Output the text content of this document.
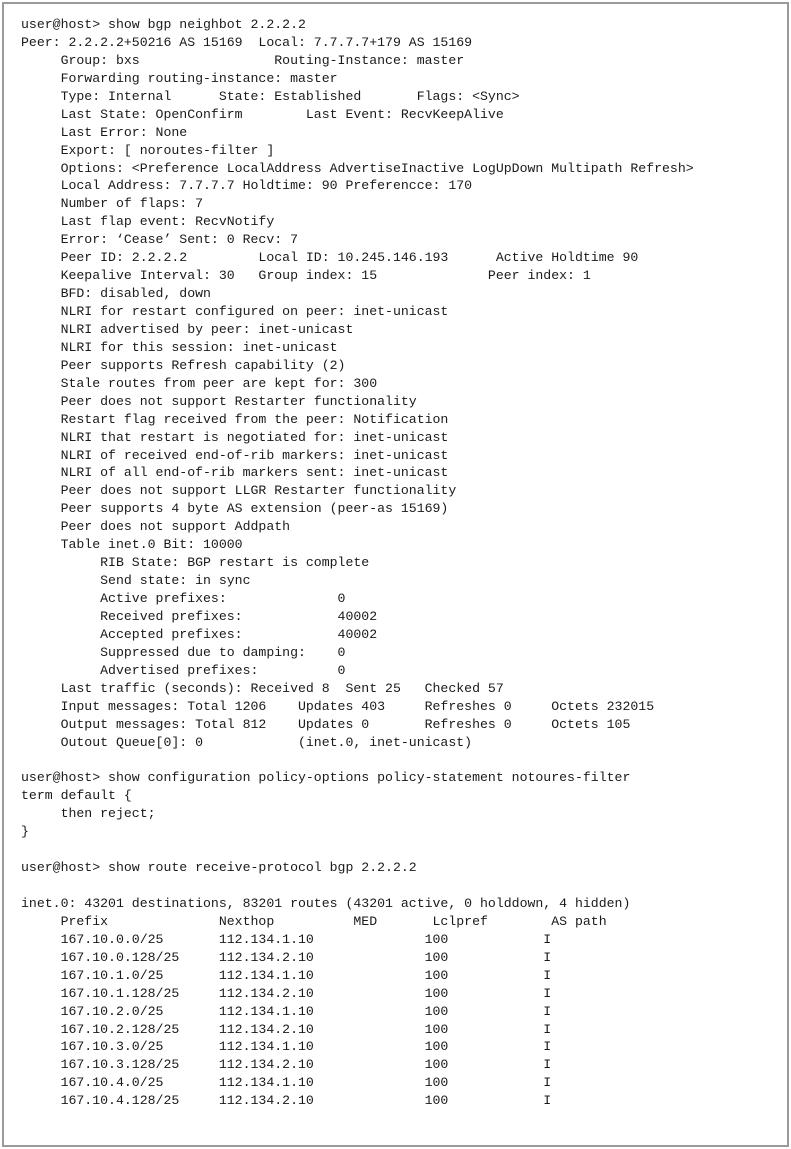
user@host> show bgp neighbot 2.2.2.2
Peer: 2.2.2.2+50216 AS 15169  Local: 7.7.7.7+179 AS 15169
Group: bxs                 Routing-Instance: master
Forwarding routing-instance: master
Type: Internal      State: Established       Flags: <Sync>
Last State: OpenConfirm        Last Event: RecvKeepAlive
Last Error: None
Export: [ noroutes-filter ]
Options: <Preference LocalAddress AdvertiseInactive LogUpDown Multipath Refresh>
Local Address: 7.7.7.7 Holdtime: 90 Preferencce: 170
Number of flaps: 7
Last flap event: RecvNotify
Error: ‘Cease’ Sent: 0 Recv: 7
Peer ID: 2.2.2.2         Local ID: 10.245.146.193      Active Holdtime 90
Keepalive Interval: 30   Group index: 15              Peer index: 1
BFD: disabled, down
NLRI for restart configured on peer: inet-unicast
NLRI advertised by peer: inet-unicast
NLRI for this session: inet-unicast
Peer supports Refresh capability (2)
Stale routes from peer are kept for: 300
Peer does not support Restarter functionality
Restart flag received from the peer: Notification
NLRI that restart is negotiated for: inet-unicast
NLRI of received end-of-rib markers: inet-unicast
NLRI of all end-of-rib markers sent: inet-unicast
Peer does not support LLGR Restarter functionality
Peer supports 4 byte AS extension (peer-as 15169)
Peer does not support Addpath
Table inet.0 Bit: 10000
RIB State: BGP restart is complete
Send state: in sync
Active prefixes:              0
Received prefixes:            40002
Accepted prefixes:            40002
Suppressed due to damping:    0
Advertised prefixes:          0
Last traffic (seconds): Received 8  Sent 25   Checked 57
Input messages: Total 1206    Updates 403     Refreshes 0     Octets 232015
Output messages: Total 812    Updates 0       Refreshes 0     Octets 105
Outout Queue[0]: 0            (inet.0, inet-unicast)
user@host> show configuration policy-options policy-statement notoures-filter
term default {
then reject;
}
user@host> show route receive-protocol bgp 2.2.2.2
inet.0: 43201 destinations, 83201 routes (43201 active, 0 holddown, 4 hidden)
Prefix              Nexthop          MED       Lclpref        AS path
167.10.0.0/25       112.134.1.10              100            I
167.10.0.128/25     112.134.2.10              100            I
167.10.1.0/25       112.134.1.10              100            I
167.10.1.128/25     112.134.2.10              100            I
167.10.2.0/25       112.134.1.10              100            I
167.10.2.128/25     112.134.2.10              100            I
167.10.3.0/25       112.134.1.10              100            I
167.10.3.128/25     112.134.2.10              100            I
167.10.4.0/25       112.134.1.10              100            I
167.10.4.128/25     112.134.2.10              100            I
